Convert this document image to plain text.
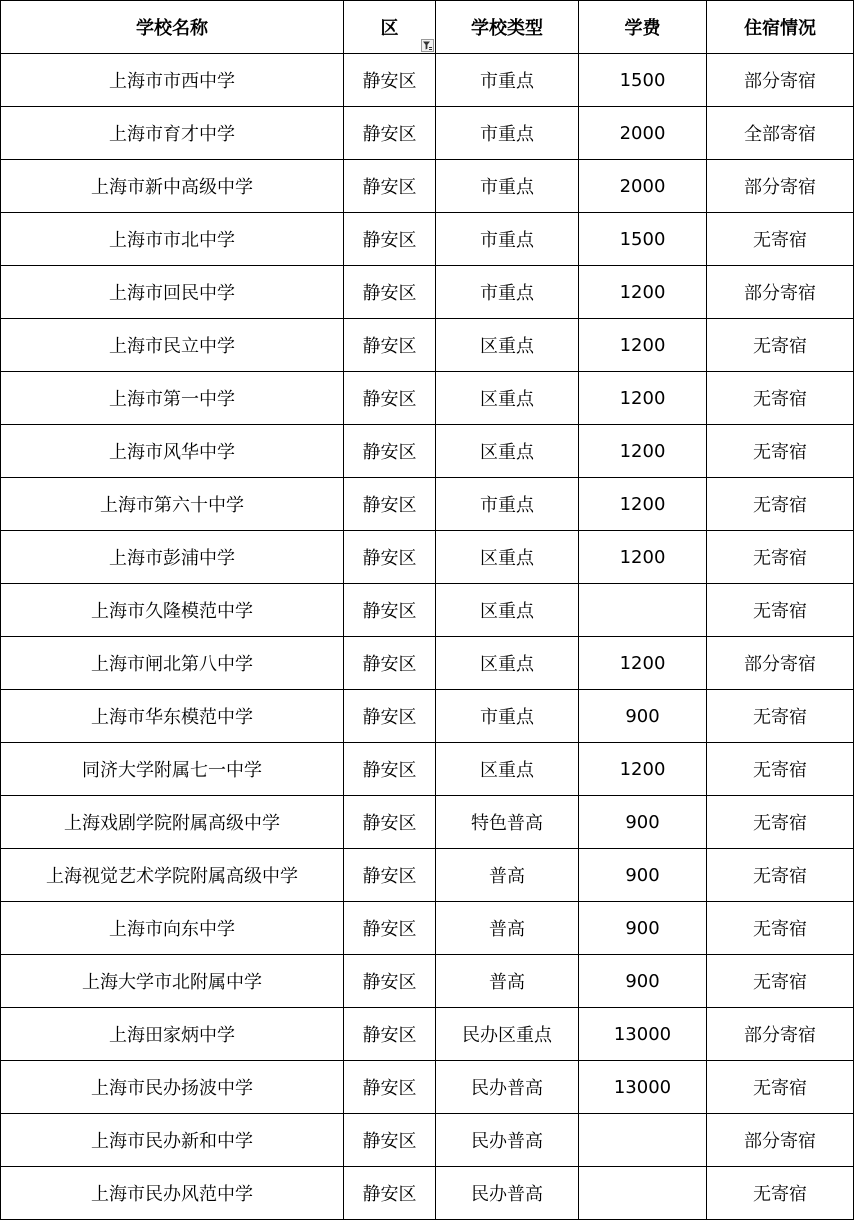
学校名称	区	学校类型	学费	住宿情况
上海市市西中学	静安区	市重点	1500	部分寄宿
上海市育才中学	静安区	市重点	2000	全部寄宿
上海市新中高级中学	静安区	市重点	2000	部分寄宿
上海市市北中学	静安区	市重点	1500	无寄宿
上海市回民中学	静安区	市重点	1200	部分寄宿
上海市民立中学	静安区	区重点	1200	无寄宿
上海市第一中学	静安区	区重点	1200	无寄宿
上海市风华中学	静安区	区重点	1200	无寄宿
上海市第六十中学	静安区	市重点	1200	无寄宿
上海市彭浦中学	静安区	区重点	1200	无寄宿
上海市久隆模范中学	静安区	区重点		无寄宿
上海市闸北第八中学	静安区	区重点	1200	部分寄宿
上海市华东模范中学	静安区	市重点	900	无寄宿
同济大学附属七一中学	静安区	区重点	1200	无寄宿
上海戏剧学院附属高级中学	静安区	特色普高	900	无寄宿
上海视觉艺术学院附属高级中学	静安区	普高	900	无寄宿
上海市向东中学	静安区	普高	900	无寄宿
上海大学市北附属中学	静安区	普高	900	无寄宿
上海田家炳中学	静安区	民办区重点	13000	部分寄宿
上海市民办扬波中学	静安区	民办普高	13000	无寄宿
上海市民办新和中学	静安区	民办普高		部分寄宿
上海市民办风范中学	静安区	民办普高		无寄宿
